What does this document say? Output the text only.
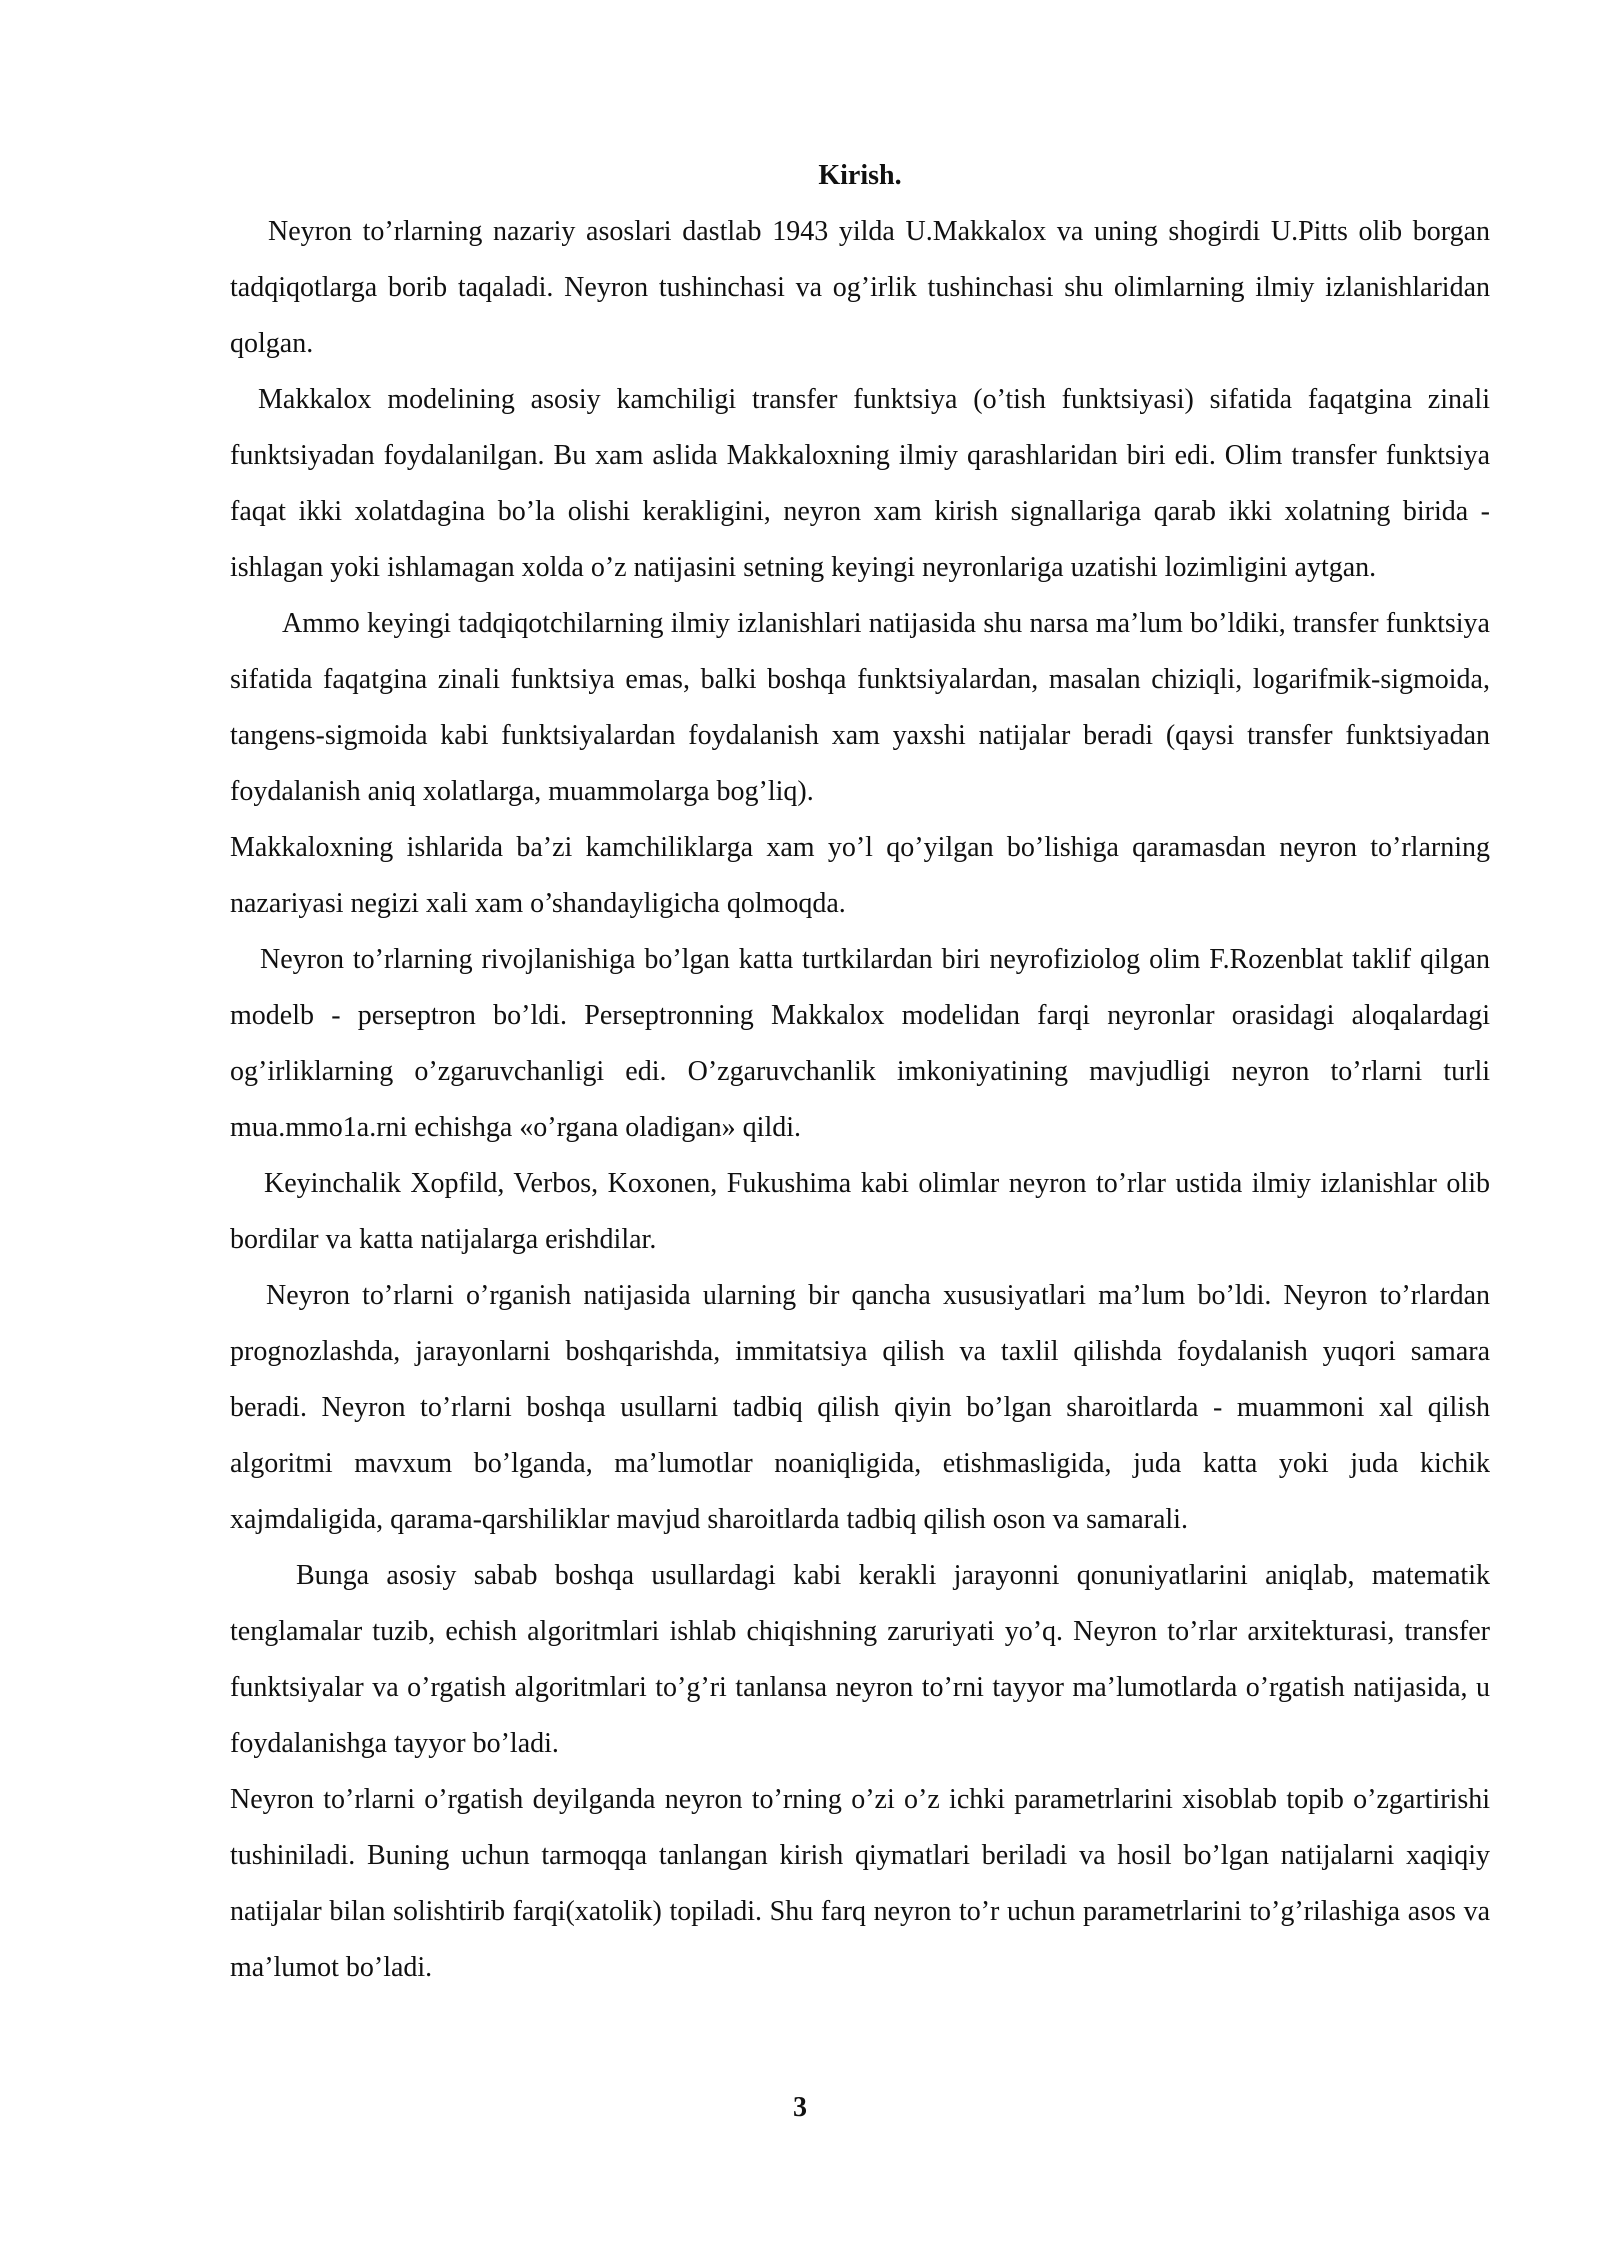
Kirish.

Neyron to’rlarning nazariy asoslari dastlab 1943 yilda U.Makkalox va uning shogirdi U.Pitts olib borgan tadqiqotlarga borib taqaladi. Neyron tushinchasi va og’irlik tushinchasi shu olimlarning ilmiy izlanishlaridan qolgan.

Makkalox modelining asosiy kamchiligi transfer funktsiya (o’tish funktsiyasi) sifatida faqatgina zinali funktsiyadan foydalanilgan. Bu xam aslida Makkaloxning ilmiy qarashlaridan biri edi. Olim transfer funktsiya faqat ikki xolatdagina bo’la olishi kerakligini, neyron xam kirish signallariga qarab ikki xolatning birida - ishlagan yoki ishlamagan xolda o’z natijasini setning keyingi neyronlariga uzatishi lozimligini aytgan.

Ammo keyingi tadqiqotchilarning ilmiy izlanishlari natijasida shu narsa ma’lum bo’ldiki, transfer funktsiya sifatida faqatgina zinali funktsiya emas, balki boshqa funktsiyalardan, masalan chiziqli, logarifmik-sigmoida, tangens-sigmoida kabi funktsiyalardan foydalanish xam yaxshi natijalar beradi (qaysi transfer funktsiyadan foydalanish aniq xolatlarga, muammolarga bog’liq).

Makkaloxning ishlarida ba’zi kamchiliklarga xam yo’l qo’yilgan bo’lishiga qaramasdan neyron to’rlarning nazariyasi negizi xali xam o’shandayligicha qolmoqda.

Neyron to’rlarning rivojlanishiga bo’lgan katta turtkilardan biri neyrofiziolog olim F.Rozenblat taklif qilgan modelb - perseptron bo’ldi. Perseptronning Makkalox modelidan farqi neyronlar orasidagi aloqalardagi og’irliklarning o’zgaruvchanligi edi. O’zgaruvchanlik imkoniyatining mavjudligi neyron to’rlarni turli mua.mmo1a.rni echishga «o’rgana oladigan» qildi.

Keyinchalik Xopfild, Verbos, Koxonen, Fukushima kabi olimlar neyron to’rlar ustida ilmiy izlanishlar olib bordilar va katta natijalarga erishdilar.

Neyron to’rlarni o’rganish natijasida ularning bir qancha xususiyatlari ma’lum bo’ldi. Neyron to’rlardan prognozlashda, jarayonlarni boshqarishda, immitatsiya qilish va taxlil qilishda foydalanish yuqori samara beradi. Neyron to’rlarni boshqa usullarni tadbiq qilish qiyin bo’lgan sharoitlarda - muammoni xal qilish algoritmi mavxum bo’lganda, ma’lumotlar noaniqligida, etishmasligida, juda katta yoki juda kichik xajmdaligida, qarama-qarshiliklar mavjud sharoitlarda tadbiq qilish oson va samarali.

Bunga asosiy sabab boshqa usullardagi kabi kerakli jarayonni qonuniyatlarini aniqlab, matematik tenglamalar tuzib, echish algoritmlari ishlab chiqishning zaruriyati yo’q. Neyron to’rlar arxitekturasi, transfer funktsiyalar va o’rgatish algoritmlari to’g’ri tanlansa neyron to’rni tayyor ma’lumotlarda o’rgatish natijasida, u foydalanishga tayyor bo’ladi.

Neyron to’rlarni o’rgatish deyilganda neyron to’rning o’zi o’z ichki parametrlarini xisoblab topib o’zgartirishi tushiniladi. Buning uchun tarmoqqa tanlangan kirish qiymatlari beriladi va hosil bo’lgan natijalarni xaqiqiy natijalar bilan solishtirib farqi(xatolik) topiladi. Shu farq neyron to’r uchun parametrlarini to’g’rilashiga asos va ma’lumot bo’ladi.

3
